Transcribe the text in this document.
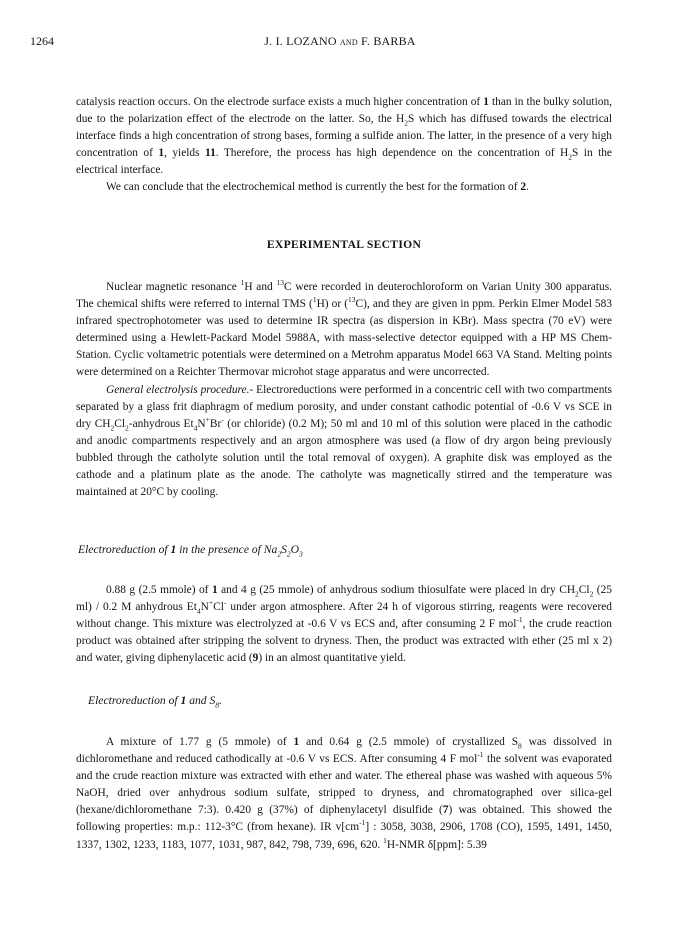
1264	J. I. LOZANO and F. BARBA

catalysis reaction occurs. On the electrode surface exists a much higher concentration of 1 than in the bulky solution, due to the polarization effect of the electrode on the latter. So, the $H_2S$ which has diffused towards the electrical interface finds a high concentration of strong bases, forming a sulfide anion. The latter, in the presence of a very high concentration of 1, yields 11. Therefore, the process has high dependence on the concentration of $H_2S$ in the electrical interface.

We can conclude that the electrochemical method is currently the best for the formation of 2.

EXPERIMENTAL SECTION

Nuclear magnetic resonance $^1$H and $^{13}$C were recorded in deuterochloroform on Varian Unity 300 apparatus. The chemical shifts were referred to internal TMS ($^1$H) or ($^{13}$C), and they are given in ppm. Perkin Elmer Model 583 infrared spectrophotometer was used to determine IR spectra (as dispersion in KBr). Mass spectra (70 eV) were determined using a Hewlett-Packard Model 5988A, with mass-selective detector equipped with a HP MS Chem-Station. Cyclic voltametric potentials were determined on a Metrohm apparatus Model 663 VA Stand. Melting points were determined on a Reichter Thermovar microhot stage apparatus and were uncorrected.

General electrolysis procedure.- Electroreductions were performed in a concentric cell with two compartments separated by a glass frit diaphragm of medium porosity, and under constant cathodic potential of -0.6 V vs SCE in dry $CH_2Cl_2$-anhydrous $Et_4N^+Br^-$ (or chloride) (0.2 M); 50 ml and 10 ml of this solution were placed in the cathodic and anodic compartments respectively and an argon atmosphere was used (a flow of dry argon being previously bubbled through the catholyte solution until the total removal of oxygen). A graphite disk was employed as the cathode and a platinum plate as the anode. The catholyte was magnetically stirred and the temperature was maintained at 20°C by cooling.

Electroreduction of 1 in the presence of $Na_2S_2O_3$

0.88 g (2.5 mmole) of 1 and 4 g (25 mmole) of anhydrous sodium thiosulfate were placed in dry $CH_2Cl_2$ (25 ml) / 0.2 M anhydrous $Et_4N^+Cl^-$ under argon atmosphere. After 24 h of vigorous stirring, reagents were recovered without change. This mixture was electrolyzed at -0.6 V vs ECS and, after consuming 2 F mol$^{-1}$, the crude reaction product was obtained after stripping the solvent to dryness. Then, the product was extracted with ether (25 ml x 2) and water, giving diphenylacetic acid (9) in an almost quantitative yield.

Electroreduction of 1 and $S_8$.

A mixture of 1.77 g (5 mmole) of 1 and 0.64 g (2.5 mmole) of crystallized $S_8$ was dissolved in dichloromethane and reduced cathodically at -0.6 V vs ECS. After consuming 4 F mol$^{-1}$ the solvent was evaporated and the crude reaction mixture was extracted with ether and water. The ethereal phase was washed with aqueous 5% NaOH, dried over anhydrous sodium sulfate, stripped to dryness, and chromatographed over silica-gel (hexane/dichloromethane 7:3). 0.420 g (37%) of diphenylacetyl disulfide (7) was obtained. This showed the following properties: m.p.: 112-3°C (from hexane). IR $v[cm^{-1}]$ : 3058, 3038, 2906, 1708 (CO), 1595, 1491, 1450, 1337, 1302, 1233, 1183, 1077, 1031, 987, 842, 798, 739, 696, 620. $^1$H-NMR δ[ppm]: 5.39
